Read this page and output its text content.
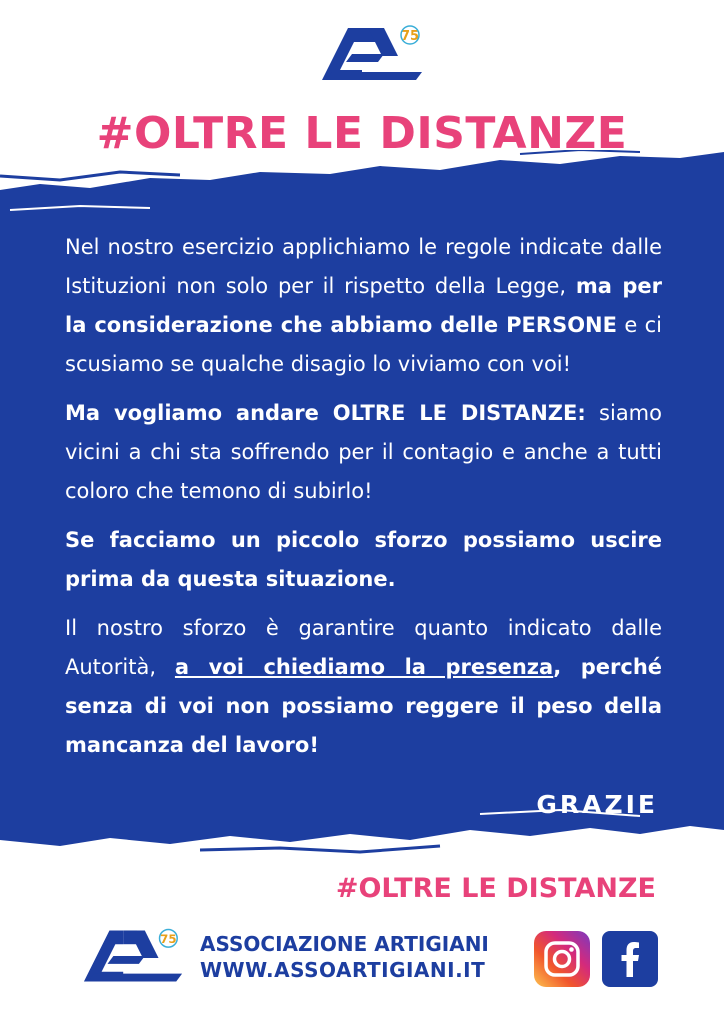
75
#OLTRE LE DISTANZE

Nel nostro esercizio applichiamo le regole indicate dalle Istituzioni non solo per il rispetto della Legge, ma per la considerazione che abbiamo delle PERSONE e ci scusiamo se qualche disagio lo viviamo con voi!

Ma vogliamo andare OLTRE LE DISTANZE: siamo vicini a chi sta soffrendo per il contagio e anche a tutti coloro che temono di subirlo!

Se facciamo un piccolo sforzo possiamo uscire prima da questa situazione.

Il nostro sforzo è garantire quanto indicato dalle Autorità, a voi chiediamo la presenza, perché senza di voi non possiamo reggere il peso della mancanza del lavoro!

GRAZIE
#OLTRE LE DISTANZE
75 ASSOCIAZIONE ARTIGIANI
WWW.ASSOARTIGIANI.IT
